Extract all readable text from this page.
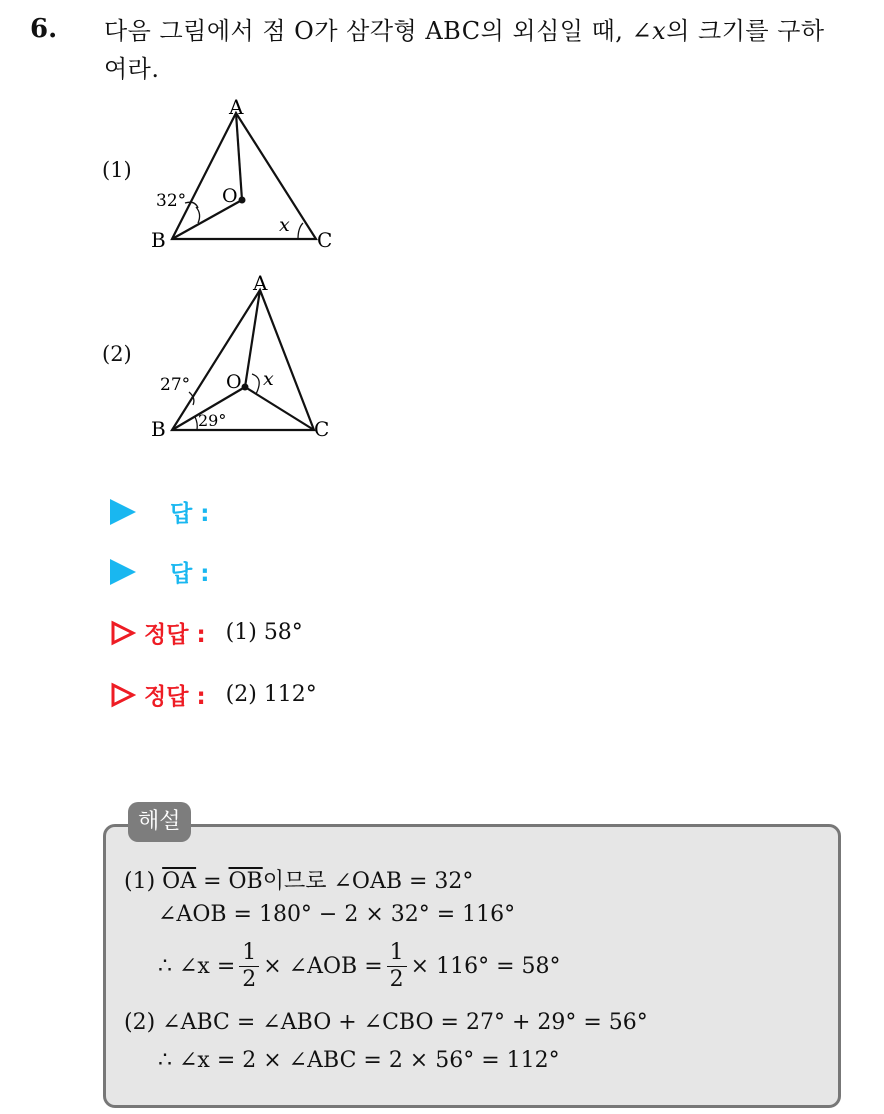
6. 다음 그림에서 점 O가 삼각형 ABC의 외심일 때, ∠x의 크기를 구하
여라.
(1)
A
B	C
O
32°
x
(2)
A
B	C
O
27°
29°
x
답 :
답 :
정답 : (1) 58°
정답 : (2) 112°
해설
(1) $\overline{OA} = \overline{OB}$이므로 ∠OAB = 32°
∠AOB = 180° − 2 × 32° = 116°
∴ ∠x = $\frac{1}{2}$ × ∠AOB = $\frac{1}{2} \times 116^\circ = 58^\circ$
(2) ∠ABC = ∠ABO + ∠CBO = 27° + 29° = 56°
∴ ∠x = 2 × ∠ABC = 2 × 56° = 112°
